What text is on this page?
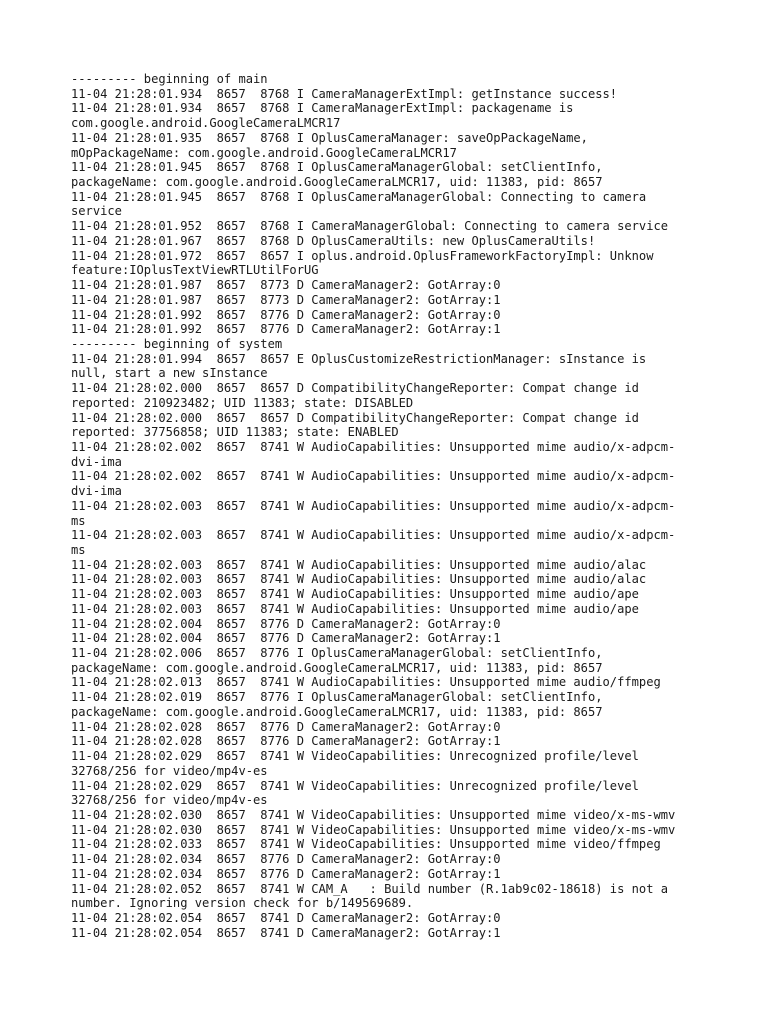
--------- beginning of main
11-04 21:28:01.934  8657  8768 I CameraManagerExtImpl: getInstance success!
11-04 21:28:01.934  8657  8768 I CameraManagerExtImpl: packagename is
com.google.android.GoogleCameraLMCR17
11-04 21:28:01.935  8657  8768 I OplusCameraManager: saveOpPackageName,
mOpPackageName: com.google.android.GoogleCameraLMCR17
11-04 21:28:01.945  8657  8768 I OplusCameraManagerGlobal: setClientInfo,
packageName: com.google.android.GoogleCameraLMCR17, uid: 11383, pid: 8657
11-04 21:28:01.945  8657  8768 I OplusCameraManagerGlobal: Connecting to camera
service
11-04 21:28:01.952  8657  8768 I CameraManagerGlobal: Connecting to camera service
11-04 21:28:01.967  8657  8768 D OplusCameraUtils: new OplusCameraUtils!
11-04 21:28:01.972  8657  8657 I oplus.android.OplusFrameworkFactoryImpl: Unknow
feature:IOplusTextViewRTLUtilForUG
11-04 21:28:01.987  8657  8773 D CameraManager2: GotArray:0
11-04 21:28:01.987  8657  8773 D CameraManager2: GotArray:1
11-04 21:28:01.992  8657  8776 D CameraManager2: GotArray:0
11-04 21:28:01.992  8657  8776 D CameraManager2: GotArray:1
--------- beginning of system
11-04 21:28:01.994  8657  8657 E OplusCustomizeRestrictionManager: sInstance is
null, start a new sInstance
11-04 21:28:02.000  8657  8657 D CompatibilityChangeReporter: Compat change id
reported: 210923482; UID 11383; state: DISABLED
11-04 21:28:02.000  8657  8657 D CompatibilityChangeReporter: Compat change id
reported: 37756858; UID 11383; state: ENABLED
11-04 21:28:02.002  8657  8741 W AudioCapabilities: Unsupported mime audio/x-adpcm-
dvi-ima
11-04 21:28:02.002  8657  8741 W AudioCapabilities: Unsupported mime audio/x-adpcm-
dvi-ima
11-04 21:28:02.003  8657  8741 W AudioCapabilities: Unsupported mime audio/x-adpcm-
ms
11-04 21:28:02.003  8657  8741 W AudioCapabilities: Unsupported mime audio/x-adpcm-
ms
11-04 21:28:02.003  8657  8741 W AudioCapabilities: Unsupported mime audio/alac
11-04 21:28:02.003  8657  8741 W AudioCapabilities: Unsupported mime audio/alac
11-04 21:28:02.003  8657  8741 W AudioCapabilities: Unsupported mime audio/ape
11-04 21:28:02.003  8657  8741 W AudioCapabilities: Unsupported mime audio/ape
11-04 21:28:02.004  8657  8776 D CameraManager2: GotArray:0
11-04 21:28:02.004  8657  8776 D CameraManager2: GotArray:1
11-04 21:28:02.006  8657  8776 I OplusCameraManagerGlobal: setClientInfo,
packageName: com.google.android.GoogleCameraLMCR17, uid: 11383, pid: 8657
11-04 21:28:02.013  8657  8741 W AudioCapabilities: Unsupported mime audio/ffmpeg
11-04 21:28:02.019  8657  8776 I OplusCameraManagerGlobal: setClientInfo,
packageName: com.google.android.GoogleCameraLMCR17, uid: 11383, pid: 8657
11-04 21:28:02.028  8657  8776 D CameraManager2: GotArray:0
11-04 21:28:02.028  8657  8776 D CameraManager2: GotArray:1
11-04 21:28:02.029  8657  8741 W VideoCapabilities: Unrecognized profile/level
32768/256 for video/mp4v-es
11-04 21:28:02.029  8657  8741 W VideoCapabilities: Unrecognized profile/level
32768/256 for video/mp4v-es
11-04 21:28:02.030  8657  8741 W VideoCapabilities: Unsupported mime video/x-ms-wmv
11-04 21:28:02.030  8657  8741 W VideoCapabilities: Unsupported mime video/x-ms-wmv
11-04 21:28:02.033  8657  8741 W VideoCapabilities: Unsupported mime video/ffmpeg
11-04 21:28:02.034  8657  8776 D CameraManager2: GotArray:0
11-04 21:28:02.034  8657  8776 D CameraManager2: GotArray:1
11-04 21:28:02.052  8657  8741 W CAM_A   : Build number (R.1ab9c02-18618) is not a
number. Ignoring version check for b/149569689.
11-04 21:28:02.054  8657  8741 D CameraManager2: GotArray:0
11-04 21:28:02.054  8657  8741 D CameraManager2: GotArray:1
